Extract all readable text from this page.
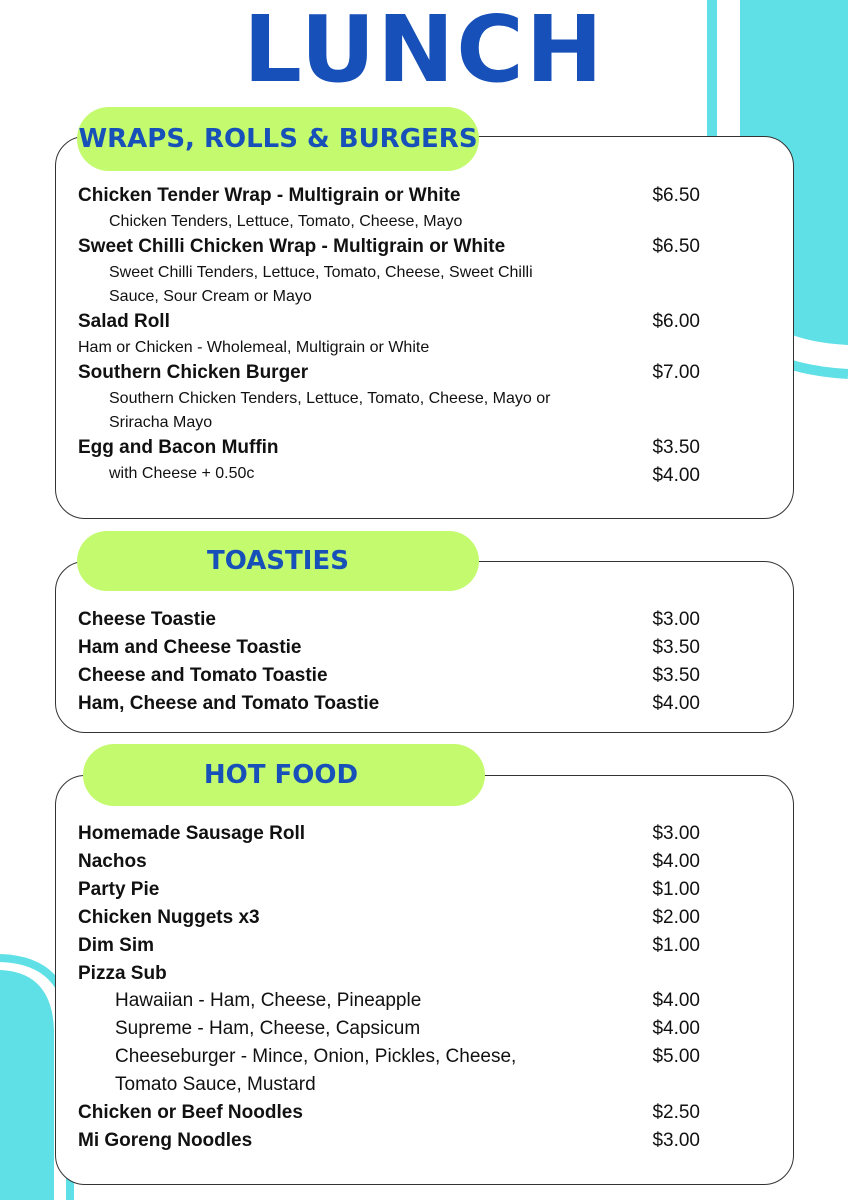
LUNCH
WRAPS, ROLLS & BURGERS
Chicken Tender Wrap - Multigrain or White	$6.50
Chicken Tenders, Lettuce, Tomato, Cheese, Mayo
Sweet Chilli Chicken Wrap - Multigrain or White	$6.50
Sweet Chilli Tenders, Lettuce, Tomato, Cheese, Sweet Chilli
Sauce, Sour Cream or Mayo
Salad Roll	$6.00
Ham or Chicken - Wholemeal, Multigrain or White
Southern Chicken Burger	$7.00
Southern Chicken Tenders, Lettuce, Tomato, Cheese, Mayo or
Sriracha Mayo
Egg and Bacon Muffin	$3.50
with Cheese + 0.50c	$4.00
TOASTIES
Cheese Toastie	$3.00
Ham and Cheese Toastie	$3.50
Cheese and Tomato Toastie	$3.50
Ham, Cheese and Tomato Toastie	$4.00
HOT FOOD
Homemade Sausage Roll	$3.00
Nachos	$4.00
Party Pie	$1.00
Chicken Nuggets x3	$2.00
Dim Sim	$1.00
Pizza Sub
Hawaiian - Ham, Cheese, Pineapple	$4.00
Supreme - Ham, Cheese, Capsicum	$4.00
Cheeseburger - Mince, Onion, Pickles, Cheese,	$5.00
Tomato Sauce, Mustard
Chicken or Beef Noodles	$2.50
Mi Goreng Noodles	$3.00
